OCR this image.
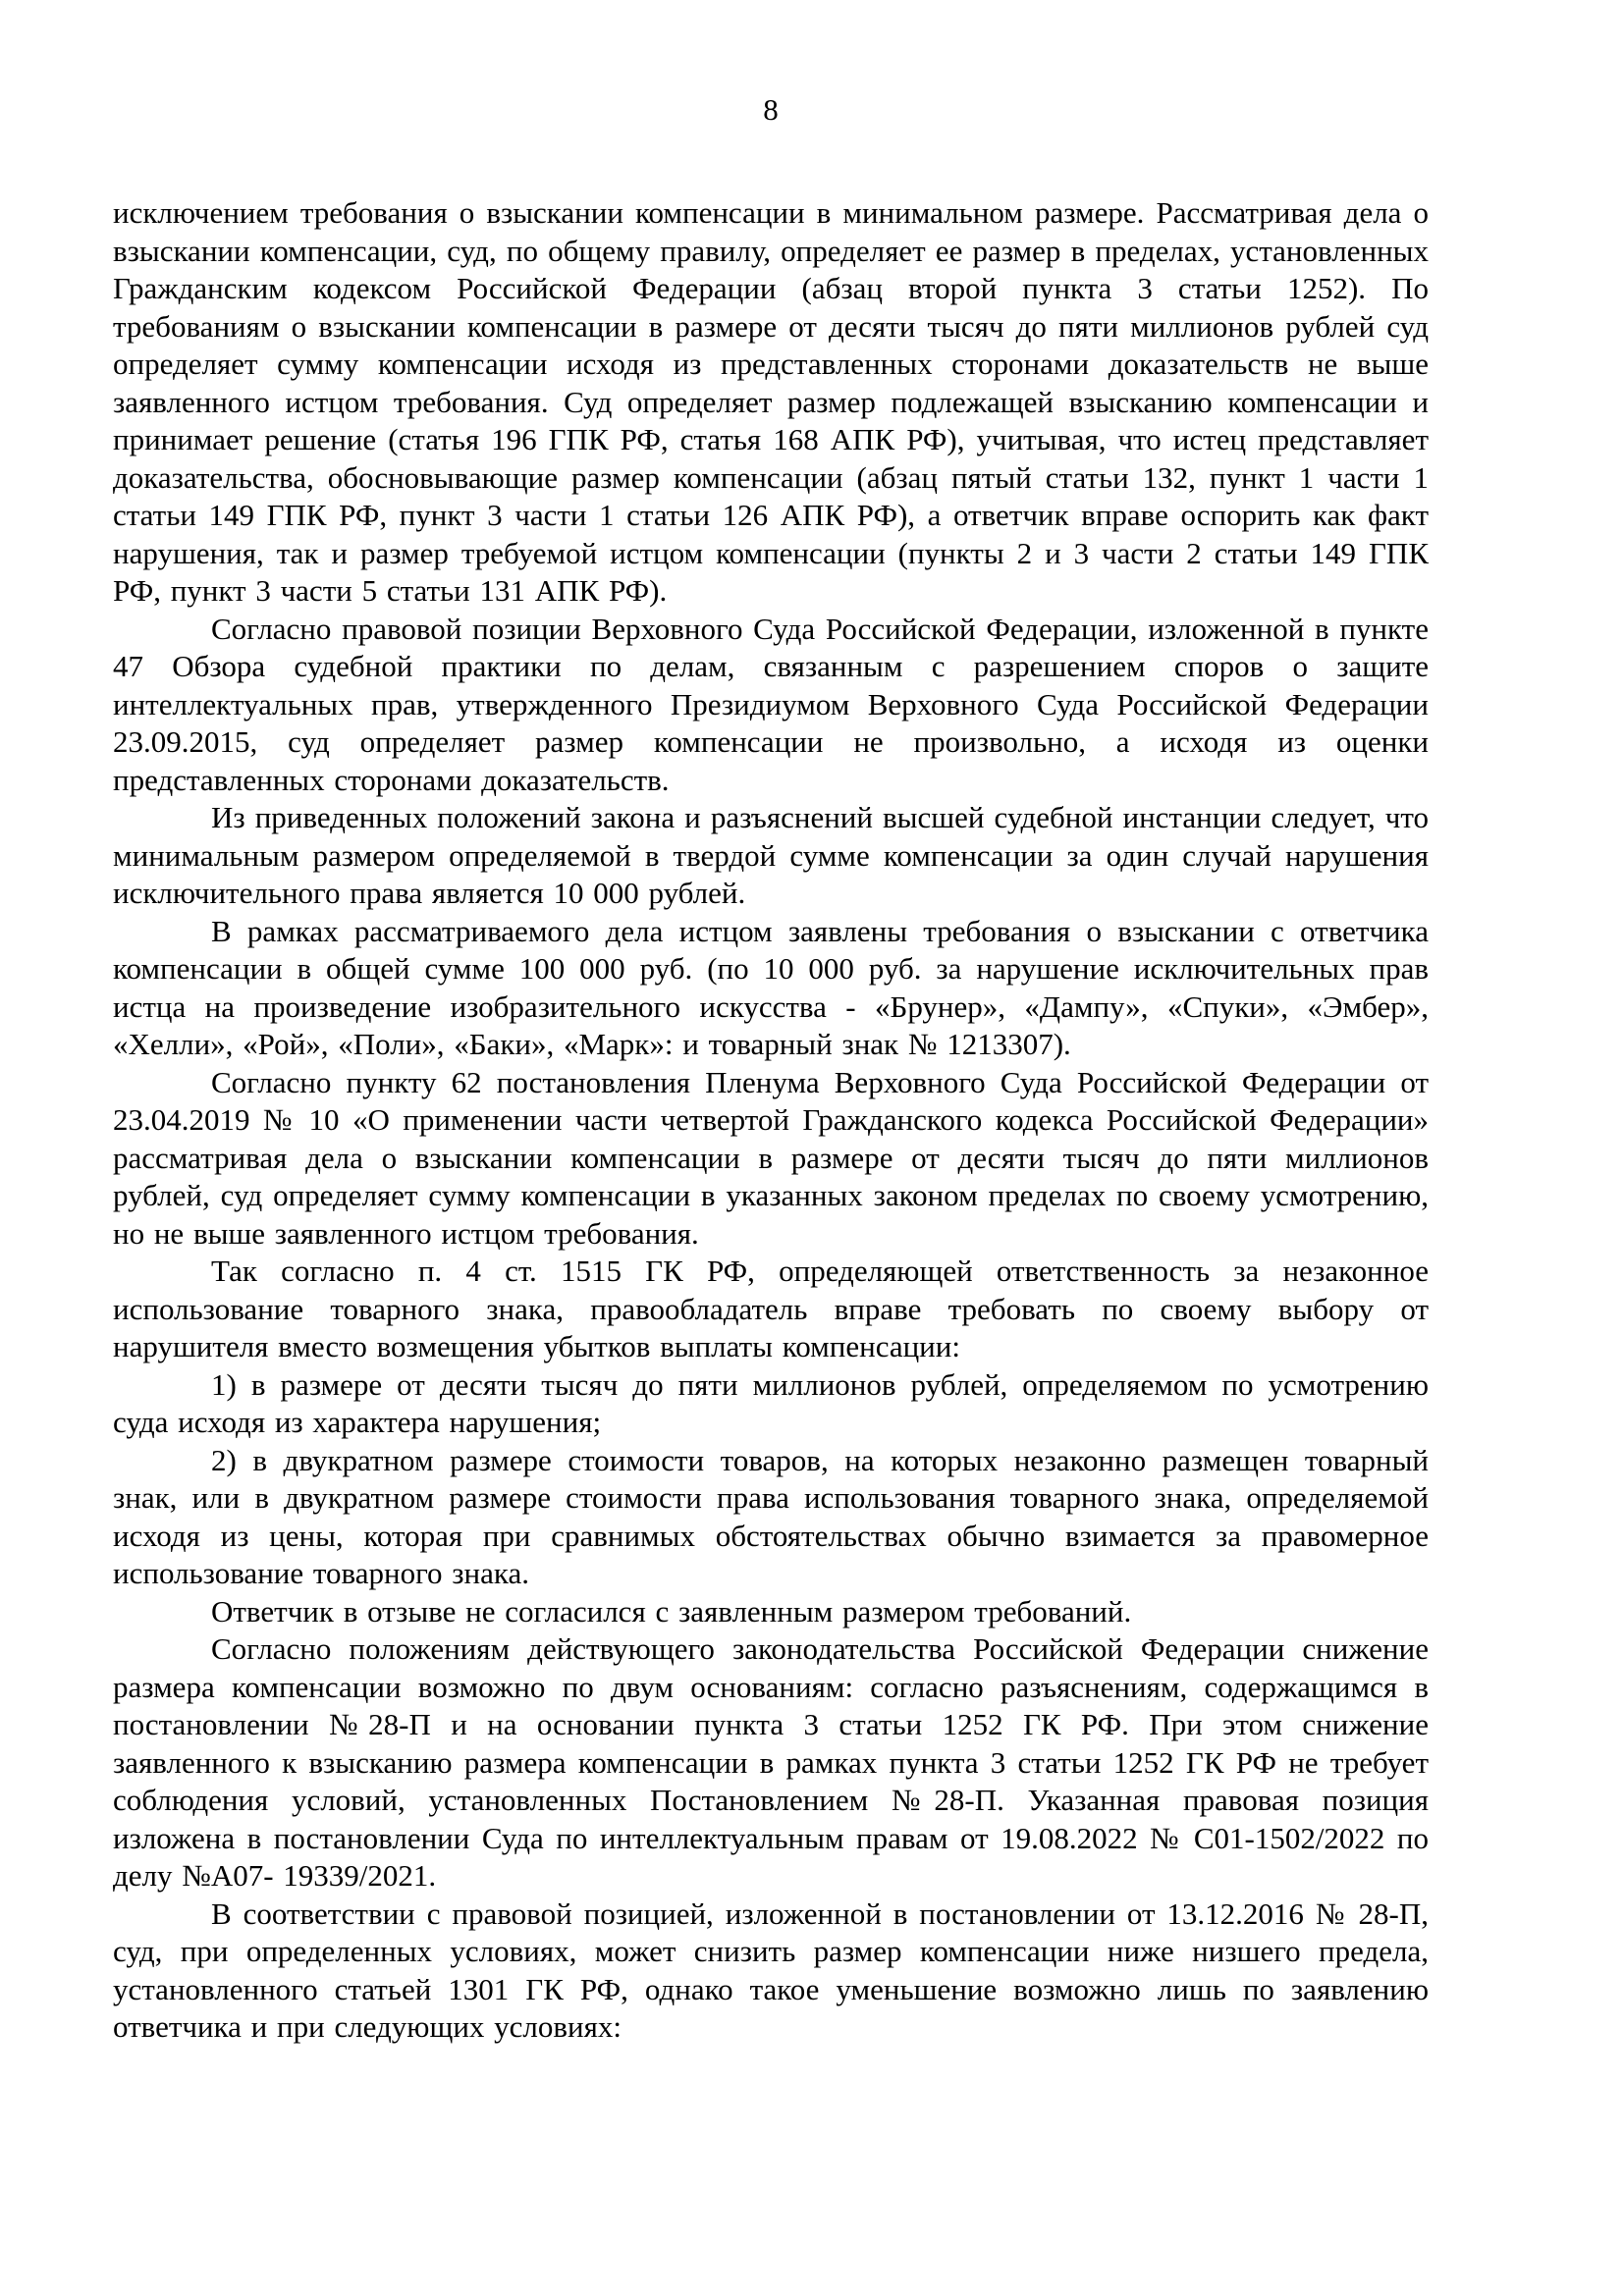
8

исключением требования о взыскании компенсации в минимальном размере. Рассматривая дела о взыскании компенсации, суд, по общему правилу, определяет ее размер в пределах, установленных Гражданским кодексом Российской Федерации (абзац второй пункта 3 статьи 1252). По требованиям о взыскании компенсации в размере от десяти тысяч до пяти миллионов рублей суд определяет сумму компенсации исходя из представленных сторонами доказательств не выше заявленного истцом требования. Суд определяет размер подлежащей взысканию компенсации и принимает решение (статья 196 ГПК РФ, статья 168 АПК РФ), учитывая, что истец представляет доказательства, обосновывающие размер компенсации (абзац пятый статьи 132, пункт 1 части 1 статьи 149 ГПК РФ, пункт 3 части 1 статьи 126 АПК РФ), а ответчик вправе оспорить как факт нарушения, так и размер требуемой истцом компенсации (пункты 2 и 3 части 2 статьи 149 ГПК РФ, пункт 3 части 5 статьи 131 АПК РФ).

Согласно правовой позиции Верховного Суда Российской Федерации, изложенной в пункте 47 Обзора судебной практики по делам, связанным с разрешением споров о защите интеллектуальных прав, утвержденного Президиумом Верховного Суда Российской Федерации 23.09.2015, суд определяет размер компенсации не произвольно, а исходя из оценки представленных сторонами доказательств.

Из приведенных положений закона и разъяснений высшей судебной инстанции следует, что минимальным размером определяемой в твердой сумме компенсации за один случай нарушения исключительного права является 10 000 рублей.

В рамках рассматриваемого дела истцом заявлены требования о взыскании с ответчика компенсации в общей сумме 100 000 руб. (по 10 000 руб. за нарушение исключительных прав истца на произведение изобразительного искусства - «Брунер», «Дампу», «Спуки», «Эмбер», «Хелли», «Рой», «Поли», «Баки», «Марк»: и товарный знак № 1213307).

Согласно пункту 62 постановления Пленума Верховного Суда Российской Федерации от 23.04.2019 № 10 «О применении части четвертой Гражданского кодекса Российской Федерации» рассматривая дела о взыскании компенсации в размере от десяти тысяч до пяти миллионов рублей, суд определяет сумму компенсации в указанных законом пределах по своему усмотрению, но не выше заявленного истцом требования.

Так согласно п. 4 ст. 1515 ГК РФ, определяющей ответственность за незаконное использование товарного знака, правообладатель вправе требовать по своему выбору от нарушителя вместо возмещения убытков выплаты компенсации:

1) в размере от десяти тысяч до пяти миллионов рублей, определяемом по усмотрению суда исходя из характера нарушения;

2) в двукратном размере стоимости товаров, на которых незаконно размещен товарный знак, или в двукратном размере стоимости права использования товарного знака, определяемой исходя из цены, которая при сравнимых обстоятельствах обычно взимается за правомерное использование товарного знака.

Ответчик в отзыве не согласился с заявленным размером требований.

Согласно положениям действующего законодательства Российской Федерации снижение размера компенсации возможно по двум основаниям: согласно разъяснениям, содержащимся в постановлении №28-П и на основании пункта 3 статьи 1252 ГК РФ. При этом снижение заявленного к взысканию размера компенсации в рамках пункта 3 статьи 1252 ГК РФ не требует соблюдения условий, установленных Постановлением №28-П. Указанная правовая позиция изложена в постановлении Суда по интеллектуальным правам от 19.08.2022 № С01-1502/2022 по делу №А07- 19339/2021.

В соответствии с правовой позицией, изложенной в постановлении от 13.12.2016 № 28-П, суд, при определенных условиях, может снизить размер компенсации ниже низшего предела, установленного статьей 1301 ГК РФ, однако такое уменьшение возможно лишь по заявлению ответчика и при следующих условиях:
